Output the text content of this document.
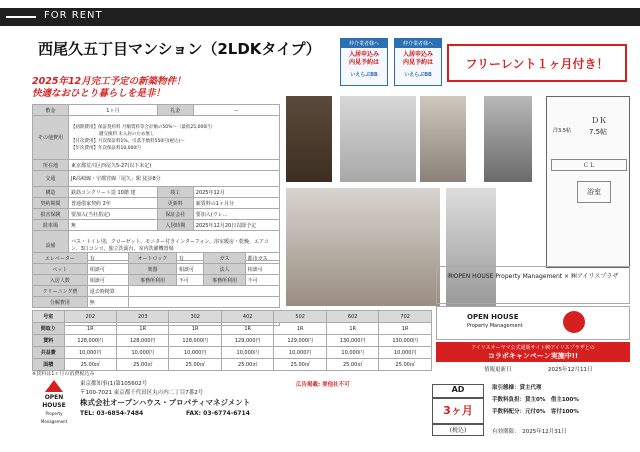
FOR RENT
西尾久五丁目マンション（2LDKタイプ）	仲介業者様へ
入居申込み
内見予約は
いえらぶBB
仲介業者様へ
入居申込み
内見予約は
いえらぶBB
フリーレント１ヶ月付き！
2025年12月完工予定の新築物件！
快適なおひとり暮らしを是非！
敷金	1ヶ月	礼金	ー
その他費用	【初期費用】保証契約料 月額賃料等合計額の50%～（最低25,000円）
鍵交換料 未入居のため無し
【月次費用】月次保証料1%、引落手数料550円(税込)～
【年次費用】年次保証料10,000円		

所在地	東京都荒川区西尾久5-27(以下未定)		
交通	JR高崎線・宇都宮線「尾久」駅 徒歩8分		
構造	鉄筋コンクリート造 10階 建	竣工	2025年12月
契約期間	普通借家契約 2年	更新料	新賃料の1ヶ月分
損害保険	要加入(当社指定)	保証会社	要加入(ウレ...
駐車場	無	入居時期	2025年12月20日以降予定
設備	バス・トイレ別、クローゼット、モニター付きインターフォン、浴室暖房・乾燥、エアコン、3口コンロ、独立洗面台、室内洗濯機置場		
エレベーター	有	オートロック	有	ガス	都市ガス
ペット	相談可	楽器	相談可	法人	相談可
入居人数	相談可	事務所利用	不可	事務所利用	不可
クリーニング費	退去時精算				
分解費用	無				
ＤＫ
7.5帖
洋3.5帖
ＣＬ
浴室
㈱OPEN HOUSE Property Management × ㈱アイリスプラザ
OPEN HOUSE
Property Management
アイリスオーヤマ公式通販サイト㈱アイリスプラザとの
コラボキャンペーン実施中!!
号室	202	203	302	402	502	602	702
間取り	1R	1R	1R	1R	1R	1R	1R
賃料	128,000円	128,000円	128,000円	129,000円	129,000円	130,000円	130,000円
共益費	10,000円	10,000円	10,000円	10,000円	10,000円	10,000円	10,000円
面積	25.00㎡	25.00㎡	25.00㎡	25.00㎡	25.00㎡	25.00㎡	25.00㎡
※賃料は1ヶ月の消費税込み
OPEN
HOUSE
Property
Management
東京都知事(1)第105602号
〒100-7021 東京都千代田区丸の内二丁目7番2号
株式会社オープンハウス・プロパティマネジメント
TEL: 03-6854-7484	FAX: 03-6774-6714
広告掲載: 要他社不可	AD
3ヶ月
(税込)
情報更新日	2025年12月11日
取引態様：貸主代理
手数料負担：貸主0%　借主100%
手数料配分：元付0%　客付100%
有効期限：　2025年12月31日
